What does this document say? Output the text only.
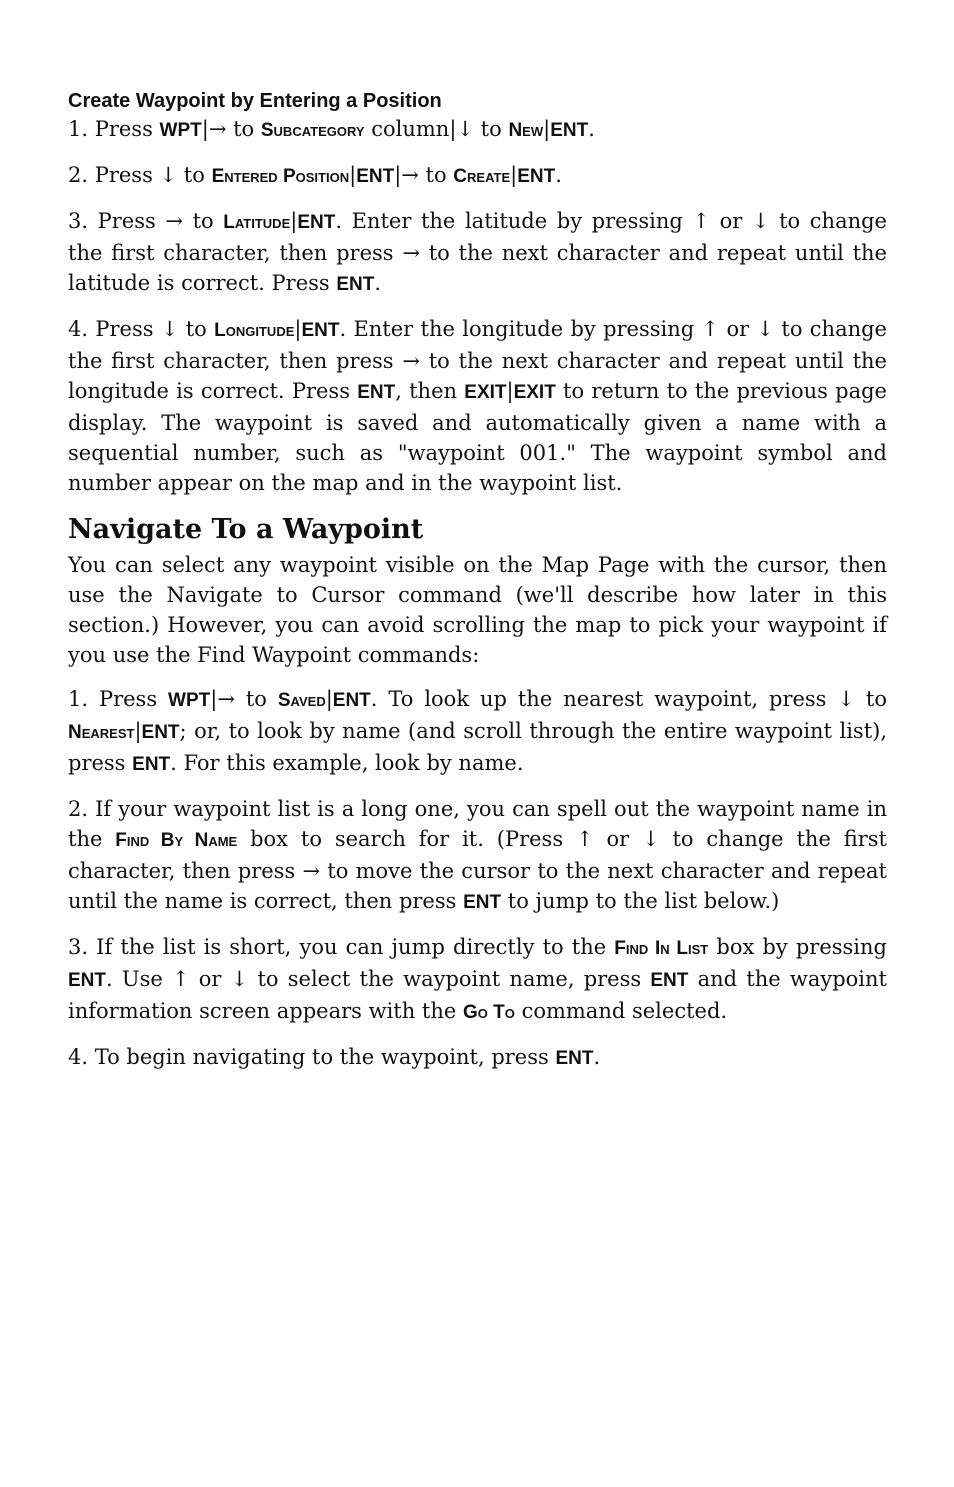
Create Waypoint by Entering a Position

1. Press WPT|→ to Subcategory column|↓ to New|ENT.

2. Press ↓ to Entered Position|ENT|→ to Create|ENT.

3. Press → to Latitude|ENT. Enter the latitude by pressing ↑ or ↓ to change the first character, then press → to the next character and repeat until the latitude is correct. Press ENT.

4. Press ↓ to Longitude|ENT. Enter the longitude by pressing ↑ or ↓ to change the first character, then press → to the next character and repeat until the longitude is correct. Press ENT, then EXIT|EXIT to return to the previous page display. The waypoint is saved and automatically given a name with a sequential number, such as "waypoint 001." The waypoint symbol and number appear on the map and in the waypoint list.

Navigate To a Waypoint

You can select any waypoint visible on the Map Page with the cursor, then use the Navigate to Cursor command (we'll describe how later in this section.) However, you can avoid scrolling the map to pick your waypoint if you use the Find Waypoint commands:

1. Press WPT|→ to Saved|ENT. To look up the nearest waypoint, press ↓ to Nearest|ENT; or, to look by name (and scroll through the entire waypoint list), press ENT. For this example, look by name.

2. If your waypoint list is a long one, you can spell out the waypoint name in the Find By Name box to search for it. (Press ↑ or ↓ to change the first character, then press → to move the cursor to the next character and repeat until the name is correct, then press ENT to jump to the list below.)

3. If the list is short, you can jump directly to the Find In List box by pressing ENT. Use ↑ or ↓ to select the waypoint name, press ENT and the waypoint information screen appears with the Go To command selected.

4. To begin navigating to the waypoint, press ENT.
